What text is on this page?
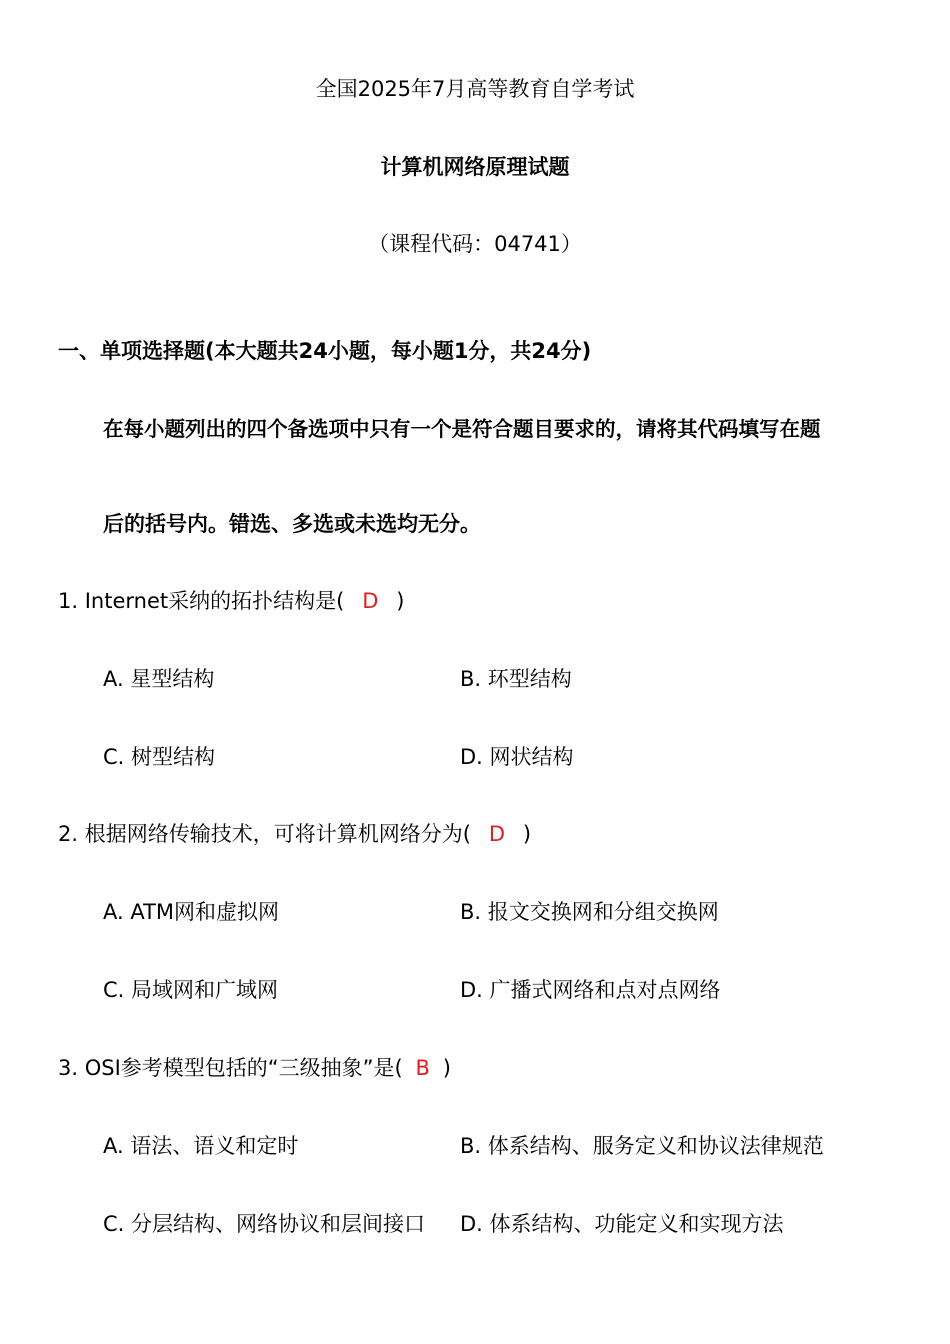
全国2025年7月高等教育自学考试
计算机网络原理试题
（课程代码：04741）
一、单项选择题(本大题共24小题，每小题1分，共24分)
在每小题列出的四个备选项中只有一个是符合题目要求的，请将其代码填写在题
后的括号内。错选、多选或未选均无分。
1. Internet采纳的拓扑结构是( D )
A. 星型结构	B. 环型结构
C. 树型结构	D. 网状结构
2. 根据网络传输技术，可将计算机网络分为( D )
A. ATM网和虚拟网	B. 报文交换网和分组交换网
C. 局域网和广域网	D. 广播式网络和点对点网络
3. OSI参考模型包括的“三级抽象”是( B )
A. 语法、语义和定时	B. 体系结构、服务定义和协议法律规范
C. 分层结构、网络协议和层间接口 D. 体系结构、功能定义和实现方法
